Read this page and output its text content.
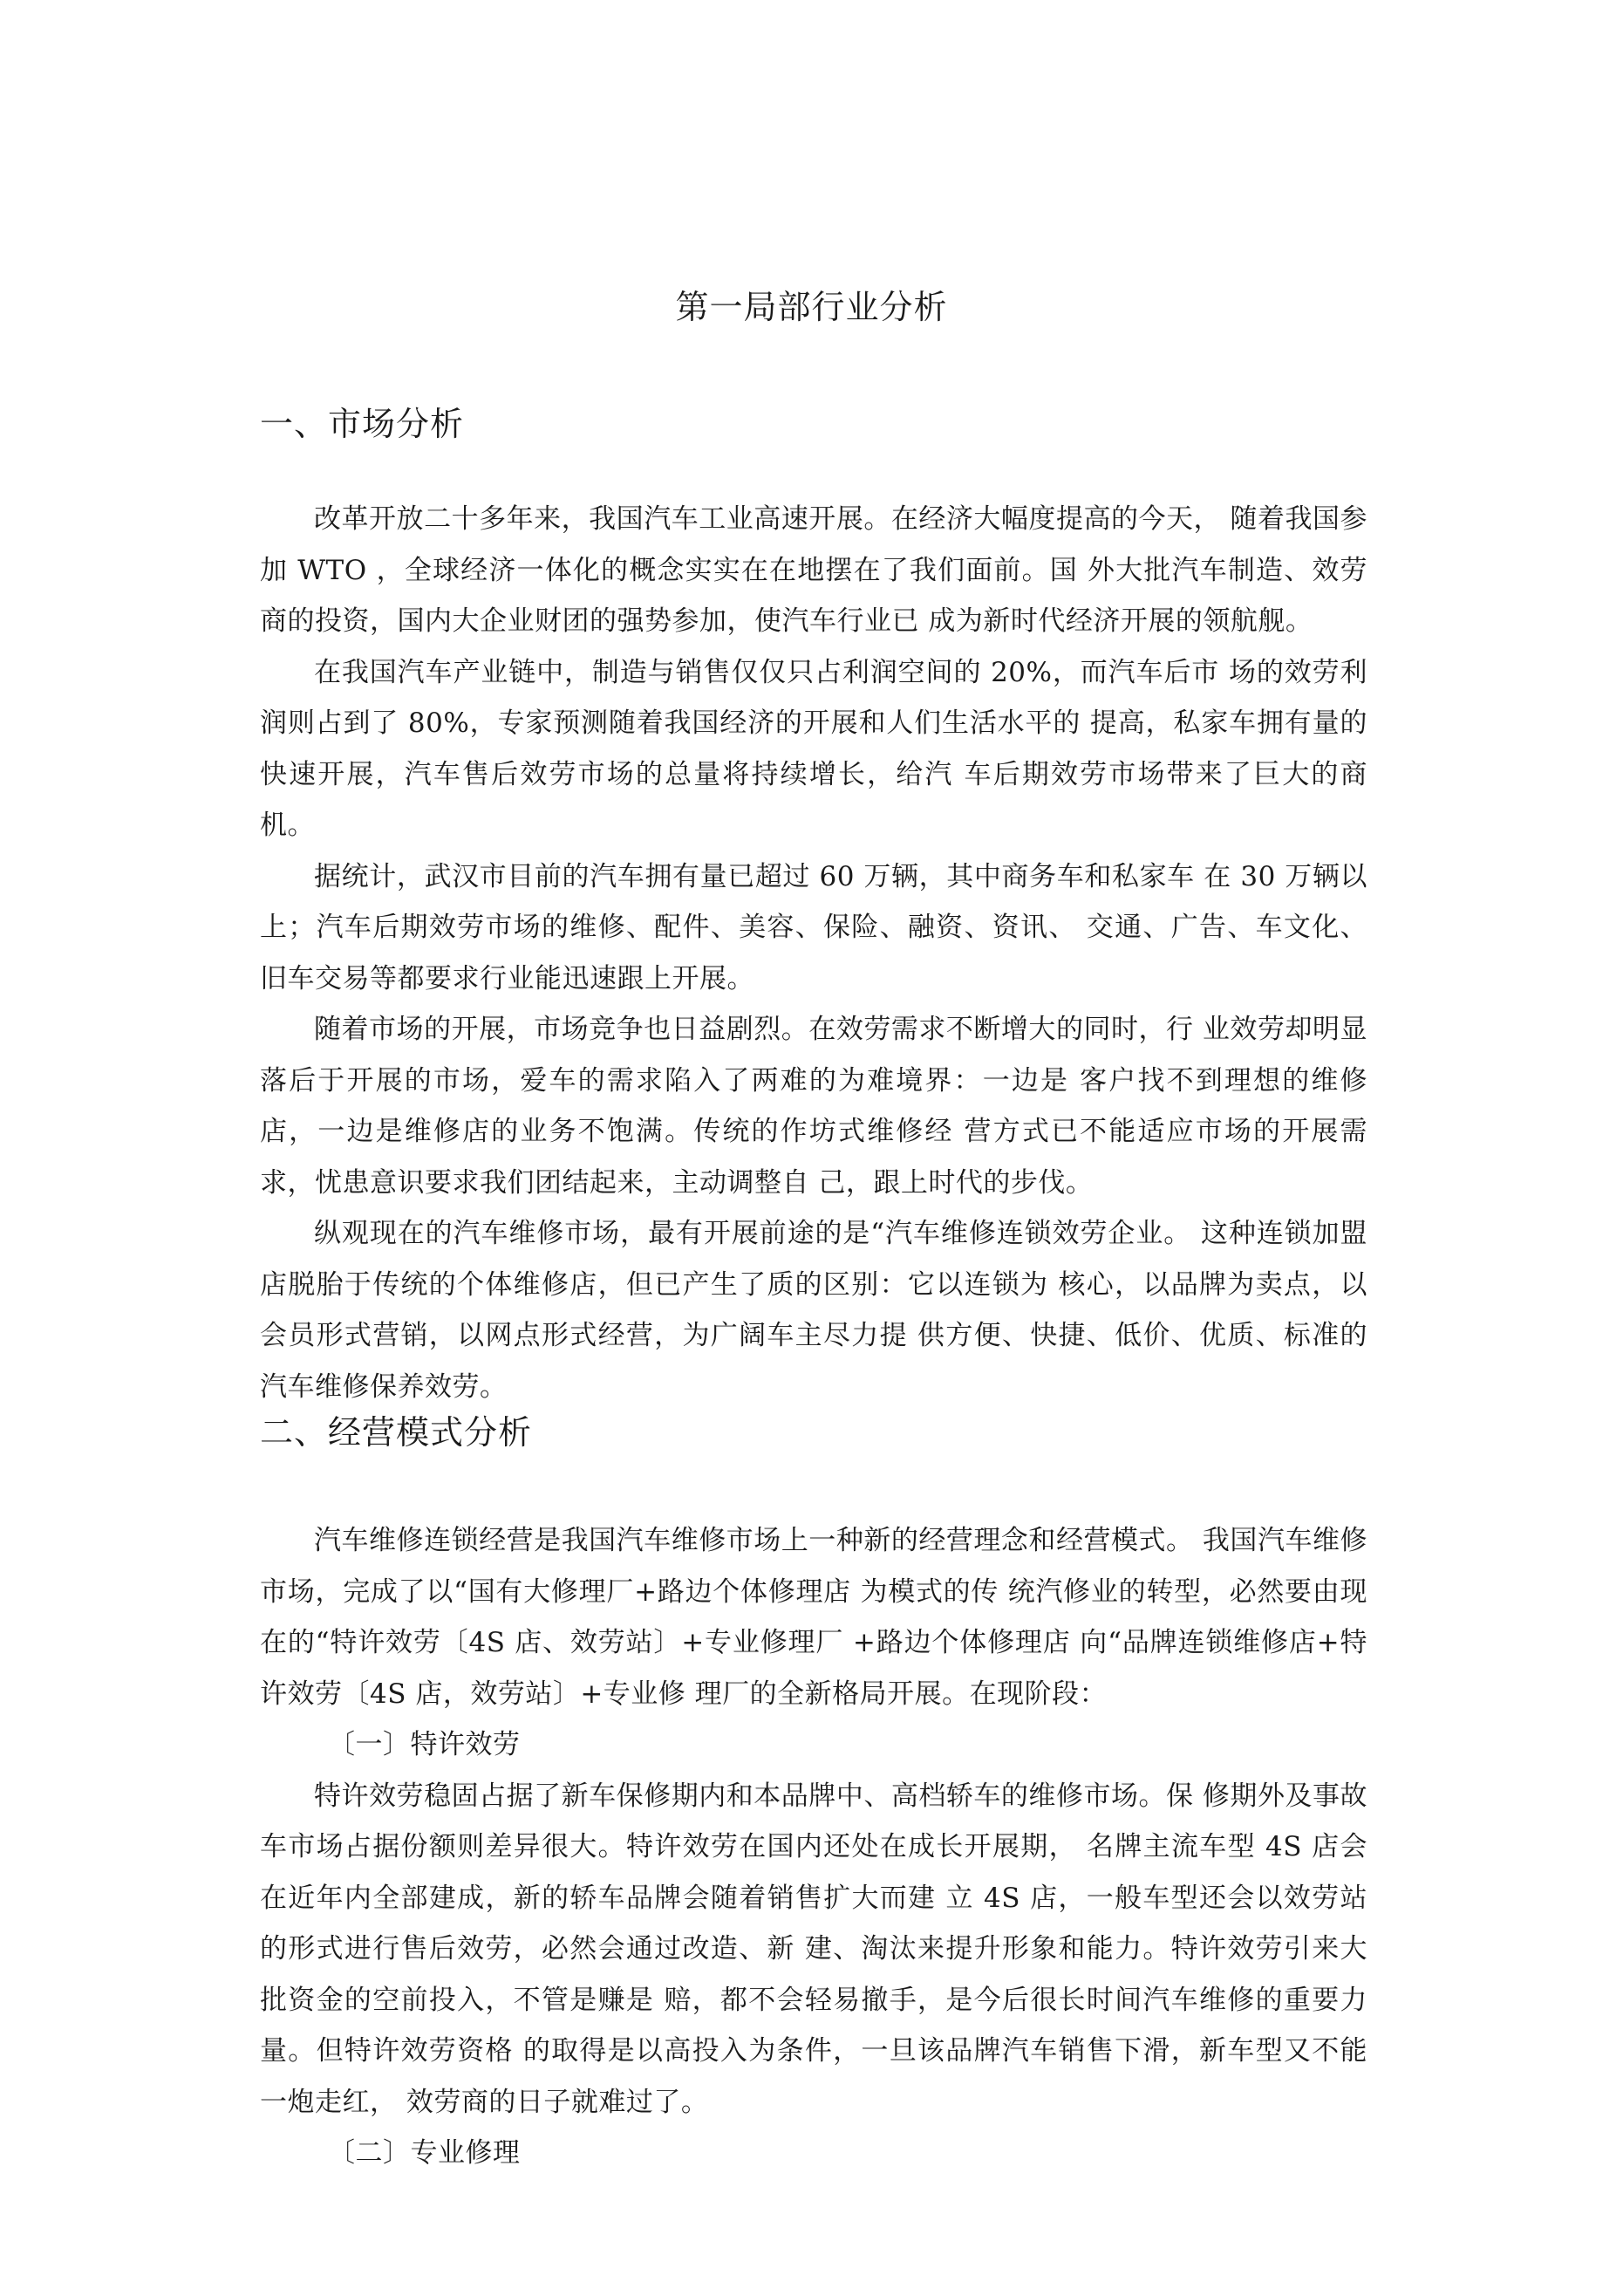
第一局部行业分析
一、市场分析

改革开放二十多年来，我国汽车工业高速开展。在经济大幅度提高的今天， 随着我国参加 WTO ，全球经济一体化的概念实实在在地摆在了我们面前。国 外大批汽车制造、效劳商的投资，国内大企业财团的强势参加，使汽车行业已 成为新时代经济开展的领航舰。

在我国汽车产业链中，制造与销售仅仅只占利润空间的 20%，而汽车后市 场的效劳利润则占到了 80%，专家预测随着我国经济的开展和人们生活水平的 提高，私家车拥有量的快速开展，汽车售后效劳市场的总量将持续增长，给汽 车后期效劳市场带来了巨大的商机。

据统计，武汉市目前的汽车拥有量已超过 60 万辆，其中商务车和私家车 在 30 万辆以上；汽车后期效劳市场的维修、配件、美容、保险、融资、资讯、 交通、广告、车文化、旧车交易等都要求行业能迅速跟上开展。

随着市场的开展，市场竞争也日益剧烈。在效劳需求不断增大的同时，行 业效劳却明显落后于开展的市场，爱车的需求陷入了两难的为难境界：一边是 客户找不到理想的维修店，一边是维修店的业务不饱满。传统的作坊式维修经 营方式已不能适应市场的开展需求，忧患意识要求我们团结起来，主动调整自 己，跟上时代的步伐。

纵观现在的汽车维修市场，最有开展前途的是“汽车维修连锁效劳企业。 这种连锁加盟店脱胎于传统的个体维修店，但已产生了质的区别：它以连锁为 核心，以品牌为卖点，以会员形式营销，以网点形式经营，为广阔车主尽力提 供方便、快捷、低价、优质、标准的汽车维修保养效劳。

二、经营模式分析

汽车维修连锁经营是我国汽车维修市场上一种新的经营理念和经营模式。 我国汽车维修市场，完成了以“国有大修理厂+路边个体修理店 为模式的传 统汽修业的转型，必然要由现在的“特许效劳〔4S 店、效劳站〕+专业修理厂 +路边个体修理店 向“品牌连锁维修店+特许效劳〔4S 店，效劳站〕+专业修 理厂的全新格局开展。在现阶段：

〔一〕特许效劳

特许效劳稳固占据了新车保修期内和本品牌中、高档轿车的维修市场。保 修期外及事故车市场占据份额则差异很大。特许效劳在国内还处在成长开展期， 名牌主流车型 4S 店会在近年内全部建成，新的轿车品牌会随着销售扩大而建 立 4S 店，一般车型还会以效劳站的形式进行售后效劳，必然会通过改造、新 建、淘汰来提升形象和能力。特许效劳引来大批资金的空前投入，不管是赚是 赔，都不会轻易撤手，是今后很长时间汽车维修的重要力量。但特许效劳资格 的取得是以高投入为条件，一旦该品牌汽车销售下滑，新车型又不能一炮走红， 效劳商的日子就难过了。

〔二〕专业修理
